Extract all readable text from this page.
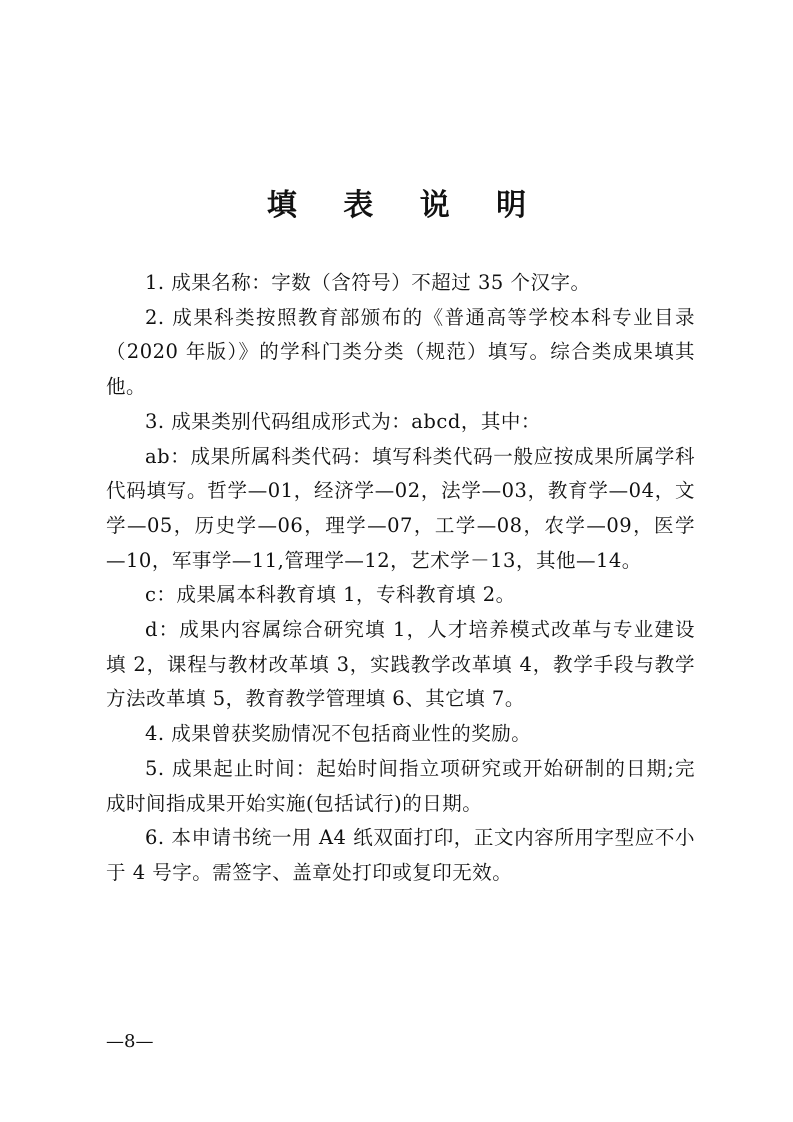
填 表 说 明

1. 成果名称：字数（含符号）不超过 35 个汉字。

2. 成果科类按照教育部颁布的《普通高等学校本科专业目录（2020 年版）》的学科门类分类（规范）填写。综合类成果填其他。

3. 成果类别代码组成形式为：abcd，其中：

ab：成果所属科类代码：填写科类代码一般应按成果所属学科代码填写。哲学—01，经济学—02，法学—03，教育学—04，文学—05，历史学—06，理学—07，工学—08，农学—09，医学—10，军事学—11,管理学—12，艺术学－13，其他—14。

c：成果属本科教育填 1，专科教育填 2。

d：成果内容属综合研究填 1，人才培养模式改革与专业建设填 2，课程与教材改革填 3，实践教学改革填 4，教学手段与教学方法改革填 5，教育教学管理填 6、其它填 7。

4. 成果曾获奖励情况不包括商业性的奖励。

5. 成果起止时间：起始时间指立项研究或开始研制的日期;完成时间指成果开始实施(包括试行)的日期。

6. 本申请书统一用 A4 纸双面打印，正文内容所用字型应不小于 4 号字。需签字、盖章处打印或复印无效。

—8—
